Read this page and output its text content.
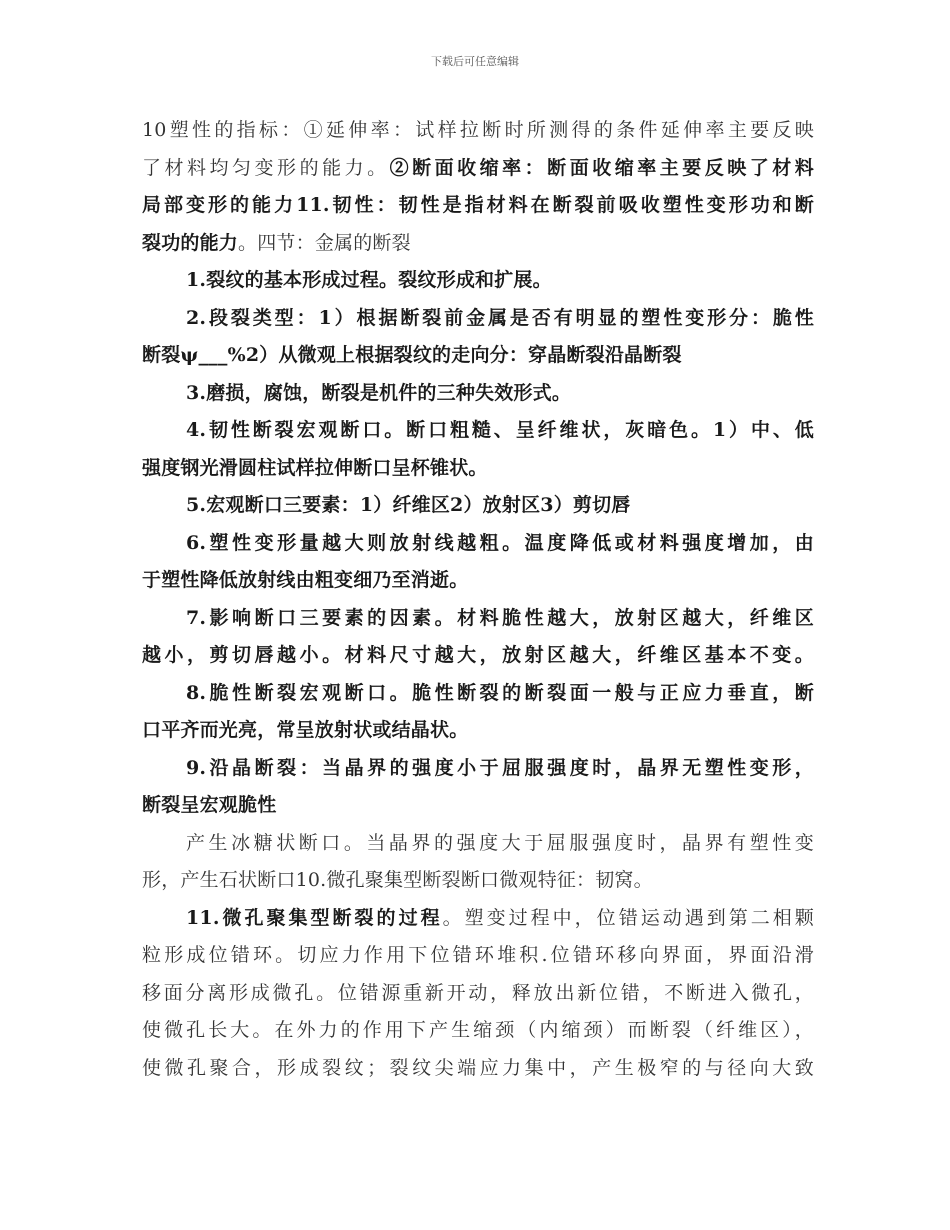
下载后可任意编辑
10塑性的指标：①延伸率：试样拉断时所测得的条件延伸率主要反映
了材料均匀变形的能力。②断面收缩率：断面收缩率主要反映了材料
局部变形的能力11.韧性：韧性是指材料在断裂前吸收塑性变形功和断
裂功的能力。四节：金属的断裂
1.裂纹的基本形成过程。裂纹形成和扩展。
2.段裂类型：1）根据断裂前金属是否有明显的塑性变形分：脆性
断裂ψ___%2）从微观上根据裂纹的走向分：穿晶断裂沿晶断裂
3.磨损，腐蚀，断裂是机件的三种失效形式。
4.韧性断裂宏观断口。断口粗糙、呈纤维状，灰暗色。1）中、低
强度钢光滑圆柱试样拉伸断口呈杯锥状。
5.宏观断口三要素：1）纤维区2）放射区3）剪切唇
6.塑性变形量越大则放射线越粗。温度降低或材料强度增加，由
于塑性降低放射线由粗变细乃至消逝。
7.影响断口三要素的因素。材料脆性越大，放射区越大，纤维区
越小，剪切唇越小。材料尺寸越大，放射区越大，纤维区基本不变。
8.脆性断裂宏观断口。脆性断裂的断裂面一般与正应力垂直，断
口平齐而光亮，常呈放射状或结晶状。
9.沿晶断裂：当晶界的强度小于屈服强度时，晶界无塑性变形，
断裂呈宏观脆性
产生冰糖状断口。当晶界的强度大于屈服强度时，晶界有塑性变
形，产生石状断口10.微孔聚集型断裂断口微观特征：韧窝。
11.微孔聚集型断裂的过程。塑变过程中，位错运动遇到第二相颗
粒形成位错环。切应力作用下位错环堆积.位错环移向界面，界面沿滑
移面分离形成微孔。位错源重新开动，释放出新位错，不断进入微孔，
使微孔长大。在外力的作用下产生缩颈（内缩颈）而断裂（纤维区），
使微孔聚合，形成裂纹；裂纹尖端应力集中，产生极窄的与径向大致
